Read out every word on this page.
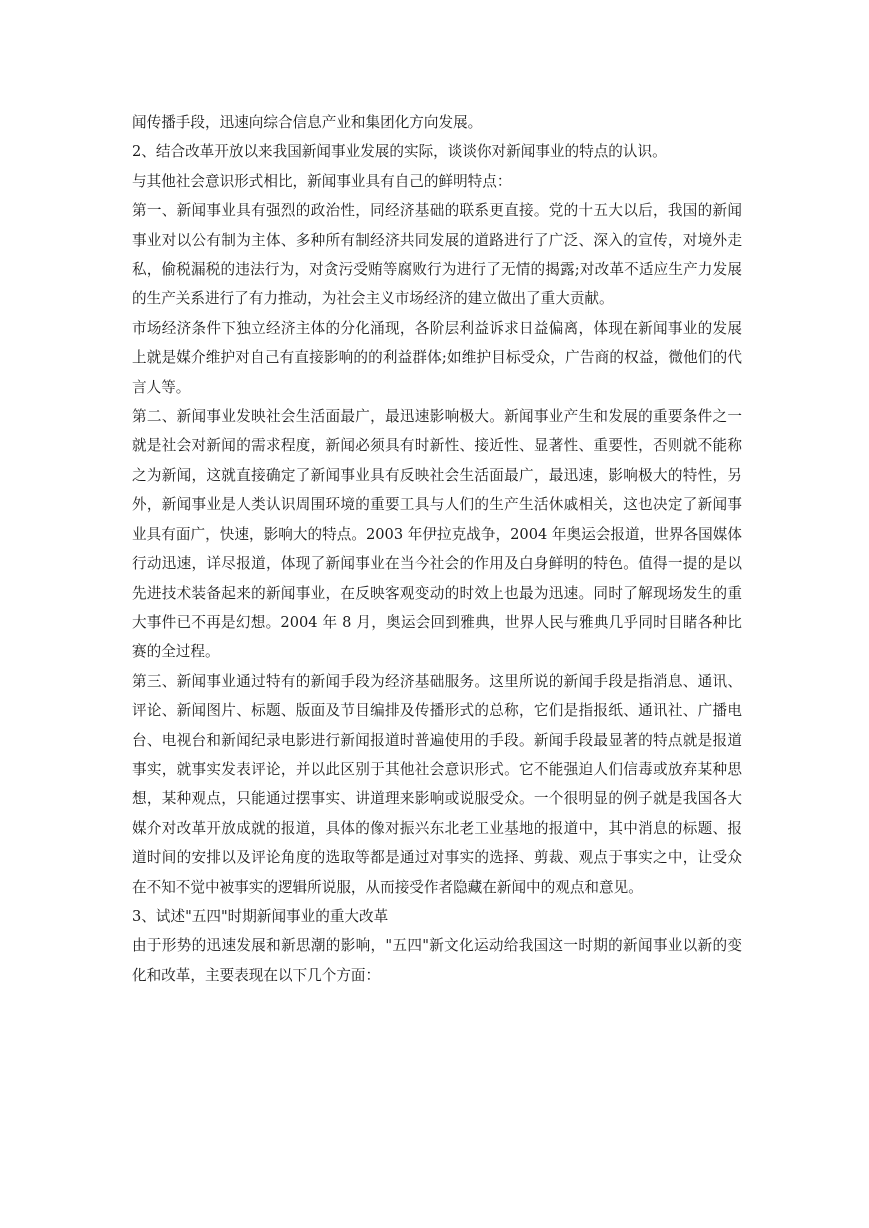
闻传播手段，迅速向综合信息产业和集团化方向发展。

2、结合改革开放以来我国新闻事业发展的实际，谈谈你对新闻事业的特点的认识。

与其他社会意识形式相比，新闻事业具有自己的鲜明特点：

第一、新闻事业具有强烈的政治性，同经济基础的联系更直接。党的十五大以后，我国的新闻事业对以公有制为主体、多种所有制经济共同发展的道路进行了广泛、深入的宣传，对境外走私，偷税漏税的违法行为，对贪污受贿等腐败行为进行了无情的揭露;对改革不适应生产力发展的生产关系进行了有力推动，为社会主义市场经济的建立做出了重大贡献。

市场经济条件下独立经济主体的分化涌现，各阶层利益诉求日益偏离，体现在新闻事业的发展上就是媒介维护对自己有直接影响的的利益群体;如维护目标受众，广告商的权益，微他们的代言人等。

第二、新闻事业发映社会生活面最广，最迅速影响极大。新闻事业产生和发展的重要条件之一就是社会对新闻的需求程度，新闻必须具有时新性、接近性、显著性、重要性，否则就不能称之为新闻，这就直接确定了新闻事业具有反映社会生活面最广，最迅速，影响极大的特性，另外，新闻事业是人类认识周围环境的重要工具与人们的生产生活休戚相关，这也决定了新闻事业具有面广，快速，影响大的特点。2003 年伊拉克战争，2004 年奥运会报道，世界各国媒体行动迅速，详尽报道，体现了新闻事业在当今社会的作用及白身鲜明的特色。值得一提的是以先进技术装备起来的新闻事业，在反映客观变动的时效上也最为迅速。同时了解现场发生的重大事件已不再是幻想。2004 年 8 月，奥运会回到雅典，世界人民与雅典几乎同时目睹各种比赛的全过程。

第三、新闻事业通过特有的新闻手段为经济基础服务。这里所说的新闻手段是指消息、通讯、评论、新闻图片、标题、版面及节目编排及传播形式的总称，它们是指报纸、通讯社、广播电台、电视台和新闻纪录电影进行新闻报道时普遍使用的手段。新闻手段最显著的特点就是报道事实，就事实发表评论，并以此区别于其他社会意识形式。它不能强迫人们信毒或放弃某种思想，某种观点，只能通过摆事实、讲道理来影响或说服受众。一个很明显的例子就是我国各大媒介对改革开放成就的报道，具体的像对振兴东北老工业基地的报道中，其中消息的标题、报道时间的安排以及评论角度的选取等都是通过对事实的选择、剪裁、观点于事实之中，让受众在不知不觉中被事实的逻辑所说服，从而接受作者隐藏在新闻中的观点和意见。

3、试述"五四"时期新闻事业的重大改革

由于形势的迅速发展和新思潮的影响，"五四"新文化运动给我国这一时期的新闻事业以新的变化和改革，主要表现在以下几个方面：
